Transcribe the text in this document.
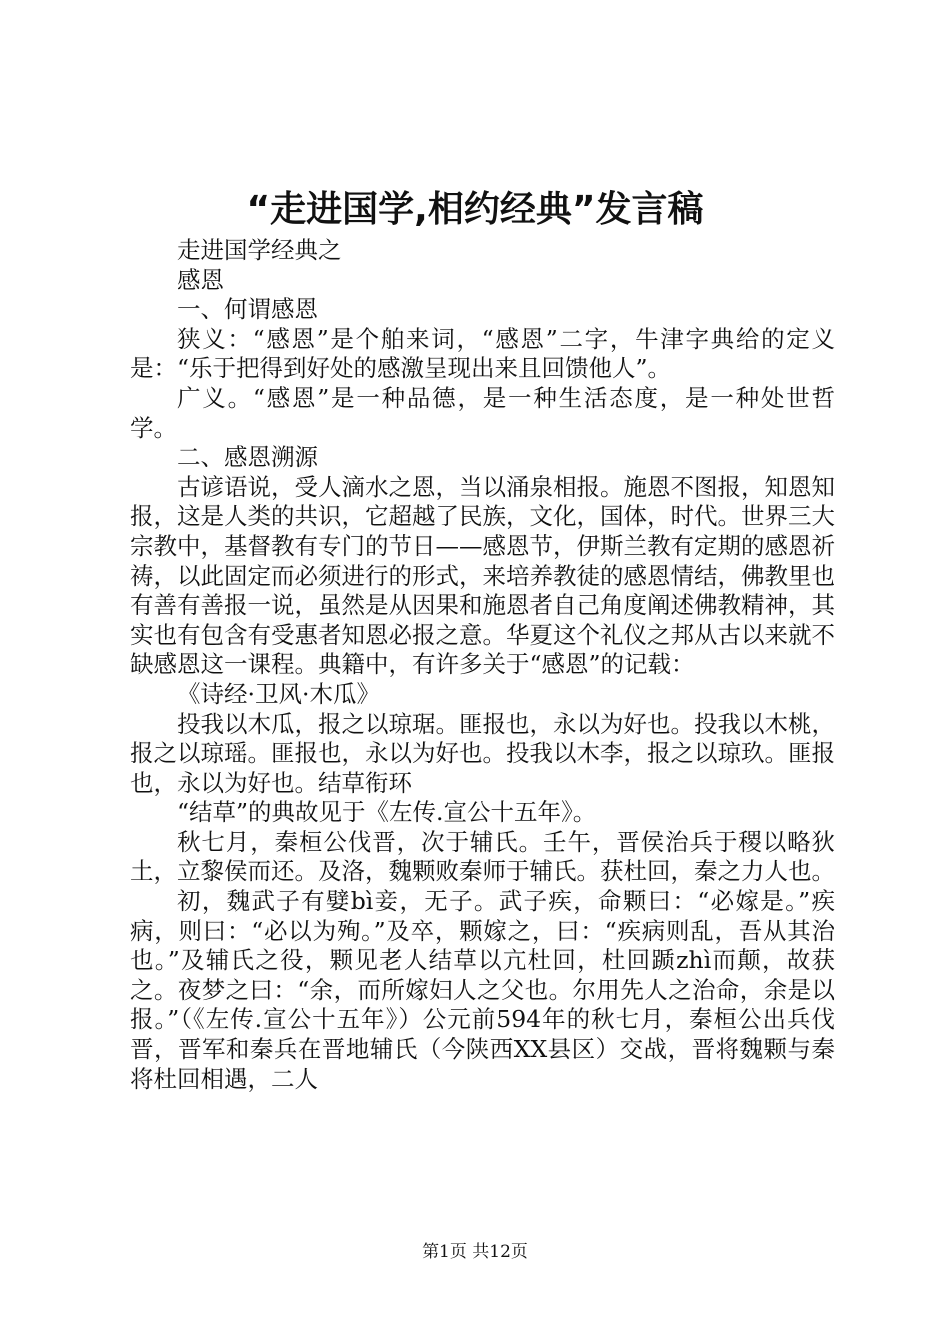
“走进国学,相约经典”发言稿

走进国学经典之

感恩

一、何谓感恩

狭义：“感恩”是个舶来词，“感恩”二字，牛津字典给的定义是：“乐于把得到好处的感激呈现出来且回馈他人”。

广义。“感恩”是一种品德，是一种生活态度，是一种处世哲学。

二、感恩溯源

古谚语说，受人滴水之恩，当以涌泉相报。施恩不图报，知恩知报，这是人类的共识，它超越了民族，文化，国体，时代。世界三大宗教中，基督教有专门的节日——感恩节，伊斯兰教有定期的感恩祈祷，以此固定而必须进行的形式，来培养教徒的感恩情结，佛教里也有善有善报一说，虽然是从因果和施恩者自己角度阐述佛教精神，其实也有包含有受惠者知恩必报之意。华夏这个礼仪之邦从古以来就不缺感恩这一课程。典籍中，有许多关于“感恩”的记载：

《诗经·卫风·木瓜》

投我以木瓜，报之以琼琚。匪报也，永以为好也。投我以木桃，报之以琼瑶。匪报也，永以为好也。投我以木李，报之以琼玖。匪报也，永以为好也。结草衔环

“结草”的典故见于《左传.宣公十五年》。

秋七月，秦桓公伐晋，次于辅氏。壬午，晋侯治兵于稷以略狄土，立黎侯而还。及洛，魏颗败秦师于辅氏。获杜回，秦之力人也。

初，魏武子有嬖bì妾，无子。武子疾，命颗曰：“必嫁是。”疾病，则曰：“必以为殉。”及卒，颗嫁之，曰：“疾病则乱，吾从其治也。”及辅氏之役，颗见老人结草以亢杜回，杜回踬zhì而颠，故获之。夜梦之曰：“余，而所嫁妇人之父也。尔用先人之治命，余是以报。”（《左传.宣公十五年》）公元前594年的秋七月，秦桓公出兵伐晋，晋军和秦兵在晋地辅氏（今陕西XX县区）交战，晋将魏颗与秦将杜回相遇，二人

第1页 共12页
